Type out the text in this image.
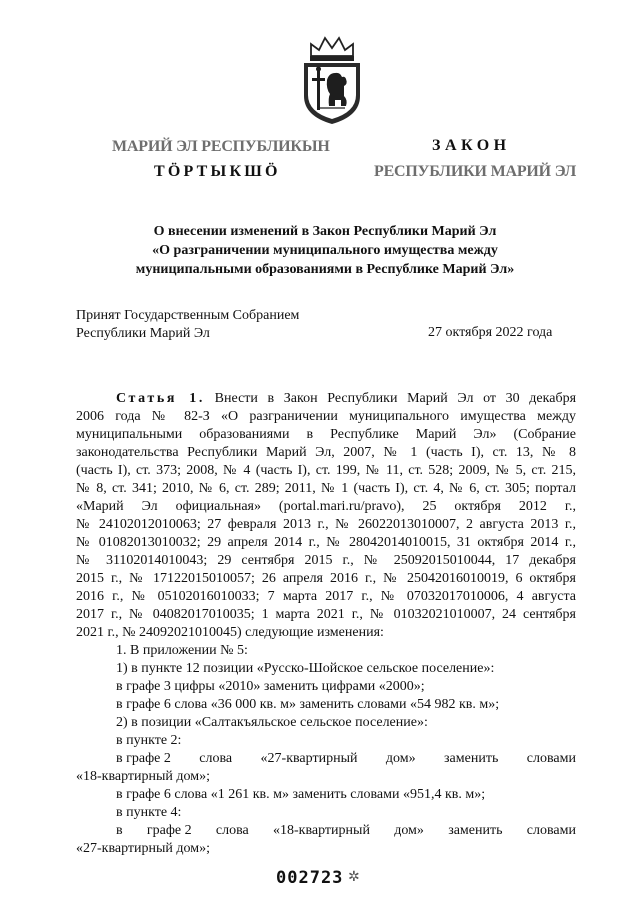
МАРИЙ ЭЛ РЕСПУБЛИКЫН
ТӦРТЫКШӦ
ЗАКОН
РЕСПУБЛИКИ МАРИЙ ЭЛ
О внесении изменений в Закон Республики Марий Эл
«О разграничении муниципального имущества между
муниципальными образованиями в Республике Марий Эл»
Принят Государственным Собранием
Республики Марий Эл	27 октября 2022 года
Статья 1. Внести в Закон Республики Марий Эл от 30 декабря
2006 года № 82-З «О разграничении муниципального имущества между
муниципальными образованиями в Республике Марий Эл» (Собрание
законодательства Республики Марий Эл, 2007, № 1 (часть I), ст. 13, № 8
(часть I), ст. 373; 2008, № 4 (часть I), ст. 199, № 11, ст. 528; 2009, № 5, ст. 215,
№ 8, ст. 341; 2010, № 6, ст. 289; 2011, № 1 (часть I), ст. 4, № 6, ст. 305; портал
«Марий Эл официальная» (portal.mari.ru/pravo), 25 октября 2012 г.,
№ 24102012010063; 27 февраля 2013 г., № 26022013010007, 2 августа 2013 г.,
№ 01082013010032; 29 апреля 2014 г., № 28042014010015, 31 октября 2014 г.,
№ 31102014010043; 29 сентября 2015 г., № 25092015010044, 17 декабря
2015 г., № 17122015010057; 26 апреля 2016 г., № 25042016010019, 6 октября
2016 г., № 05102016010033; 7 марта 2017 г., № 07032017010006, 4 августа
2017 г., № 04082017010035; 1 марта 2021 г., № 01032021010007, 24 сентября
2021 г., № 24092021010045) следующие изменения:
1. В приложении № 5:
1) в пункте 12 позиции «Русско-Шойское сельское поселение»:
в графе 3 цифры «2010» заменить цифрами «2000»;
в графе 6 слова «36 000 кв. м» заменить словами «54 982 кв. м»;
2) в позиции «Салтакъяльское сельское поселение»:
в пункте 2:
в графе 2 слова «27-квартирный дом» заменить словами
«18-квартирный дом»;
в графе 6 слова «1 261 кв. м» заменить словами «951,4 кв. м»;
в пункте 4:
в графе 2 слова «18-квартирный дом» заменить словами
«27-квартирный дом»;
002723 ✲
